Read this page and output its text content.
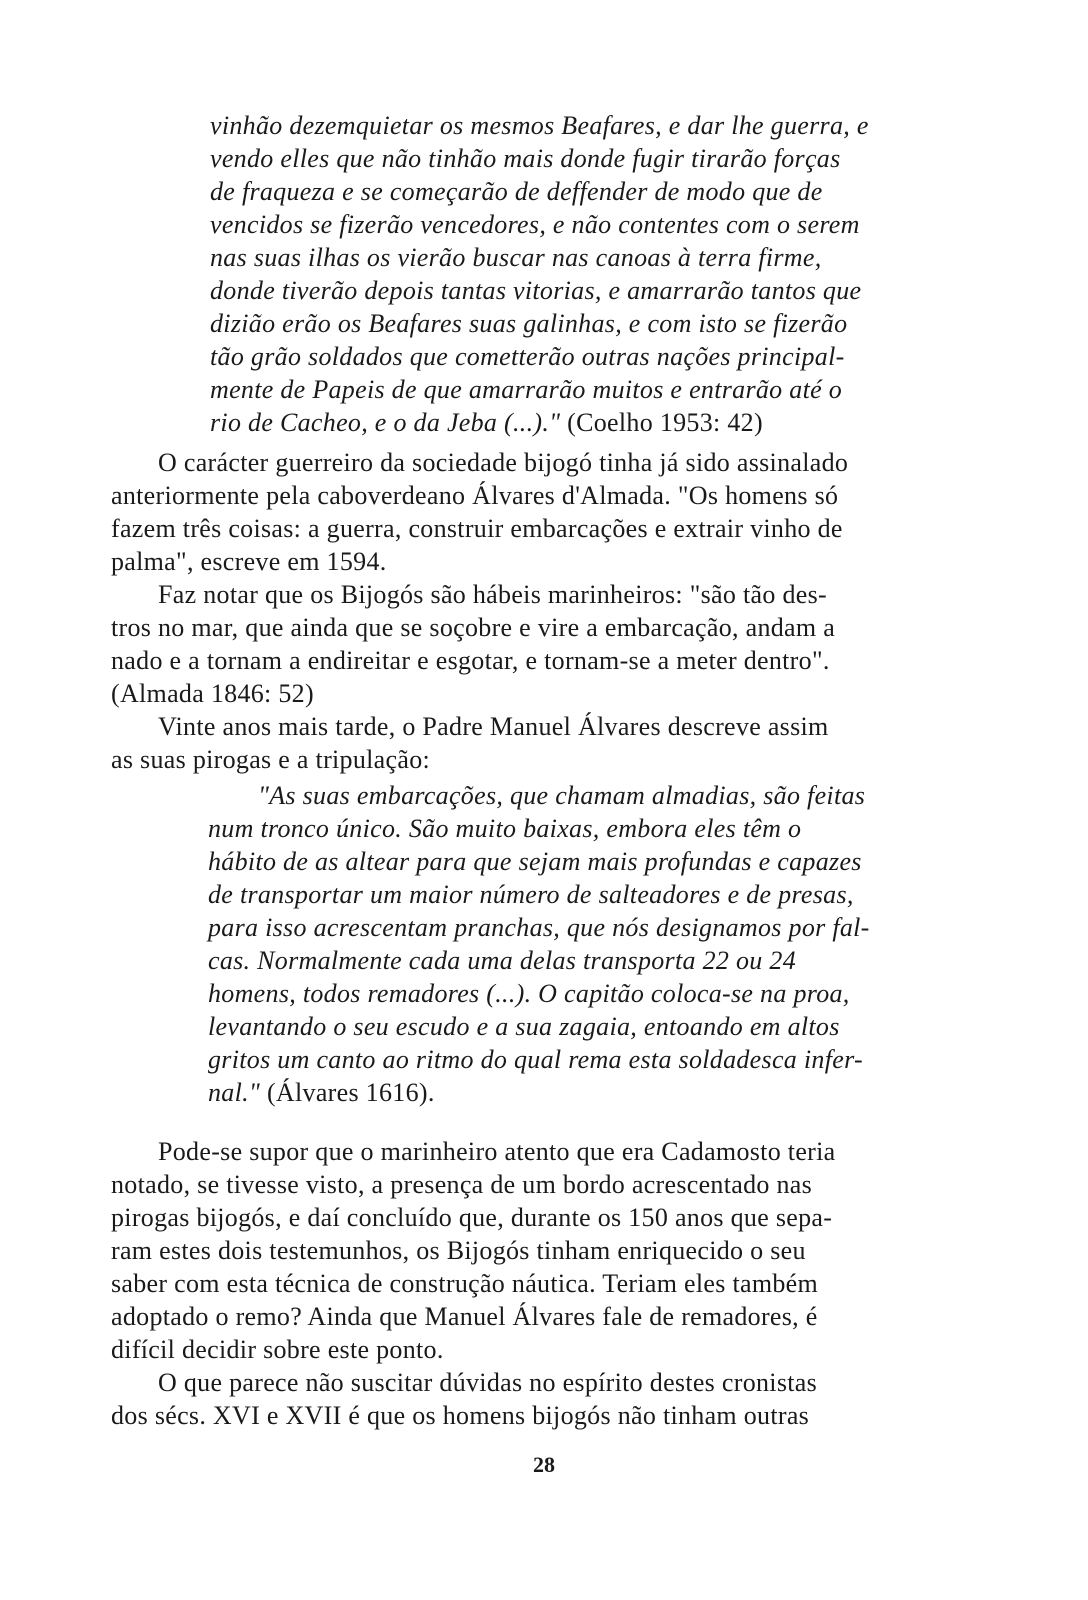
vinhão dezemquietar os mesmos Beafares, e dar lhe guerra, e
vendo elles que não tinhão mais donde fugir tirarão forças
de fraqueza e se começarão de deffender de modo que de
vencidos se fizerão vencedores, e não contentes com o serem
nas suas ilhas os vierão buscar nas canoas à terra firme,
donde tiverão depois tantas vitorias, e amarrarão tantos que
dizião erão os Beafares suas galinhas, e com isto se fizerão
tão grão soldados que cometterão outras nações principal-
mente de Papeis de que amarrarão muitos e entrarão até o
rio de Cacheo, e o da Jeba (...)." (Coelho 1953: 42)
O carácter guerreiro da sociedade bijogó tinha já sido assinalado
anteriormente pela caboverdeano Álvares d'Almada. "Os homens só
fazem três coisas: a guerra, construir embarcações e extrair vinho de
palma", escreve em 1594.
Faz notar que os Bijogós são hábeis marinheiros: "são tão des-
tros no mar, que ainda que se soçobre e vire a embarcação, andam a
nado e a tornam a endireitar e esgotar, e tornam-se a meter dentro".
(Almada 1846: 52)
Vinte anos mais tarde, o Padre Manuel Álvares descreve assim
as suas pirogas e a tripulação:
"As suas embarcações, que chamam almadias, são feitas
num tronco único. São muito baixas, embora eles têm o
hábito de as altear para que sejam mais profundas e capazes
de transportar um maior número de salteadores e de presas,
para isso acrescentam pranchas, que nós designamos por fal-
cas. Normalmente cada uma delas transporta 22 ou 24
homens, todos remadores (...). O capitão coloca-se na proa,
levantando o seu escudo e a sua zagaia, entoando em altos
gritos um canto ao ritmo do qual rema esta soldadesca infer-
nal." (Álvares 1616).
Pode-se supor que o marinheiro atento que era Cadamosto teria
notado, se tivesse visto, a presença de um bordo acrescentado nas
pirogas bijogós, e daí concluído que, durante os 150 anos que sepa-
ram estes dois testemunhos, os Bijogós tinham enriquecido o seu
saber com esta técnica de construção náutica. Teriam eles também
adoptado o remo? Ainda que Manuel Álvares fale de remadores, é
difícil decidir sobre este ponto.
O que parece não suscitar dúvidas no espírito destes cronistas
dos sécs. XVI e XVII é que os homens bijogós não tinham outras
28
